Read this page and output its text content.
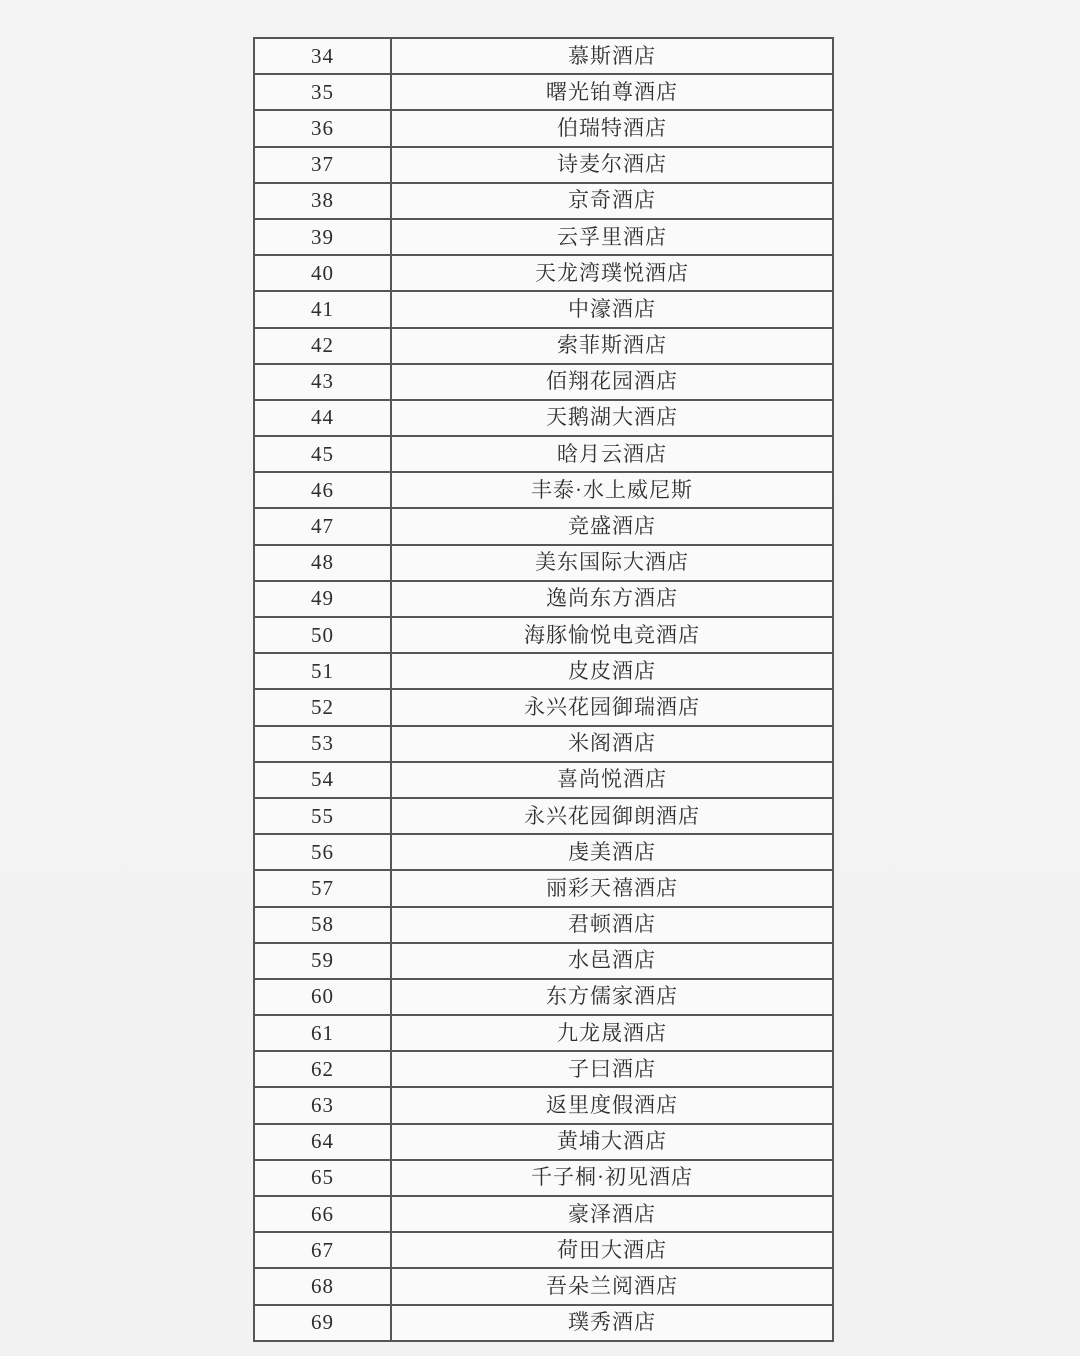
34	慕斯酒店
35	曙光铂尊酒店
36	伯瑞特酒店
37	诗麦尔酒店
38	京奇酒店
39	云孚里酒店
40	天龙湾璞悦酒店
41	中濠酒店
42	索菲斯酒店
43	佰翔花园酒店
44	天鹅湖大酒店
45	晗月云酒店
46	丰泰·水上威尼斯
47	竞盛酒店
48	美东国际大酒店
49	逸尚东方酒店
50	海豚愉悦电竞酒店
51	皮皮酒店
52	永兴花园御瑞酒店
53	米阁酒店
54	喜尚悦酒店
55	永兴花园御朗酒店
56	虔美酒店
57	丽彩天禧酒店
58	君顿酒店
59	水邑酒店
60	东方儒家酒店
61	九龙晟酒店
62	子曰酒店
63	返里度假酒店
64	黄埔大酒店
65	千子桐·初见酒店
66	豪泽酒店
67	荷田大酒店
68	吾朵兰阅酒店
69	璞秀酒店
